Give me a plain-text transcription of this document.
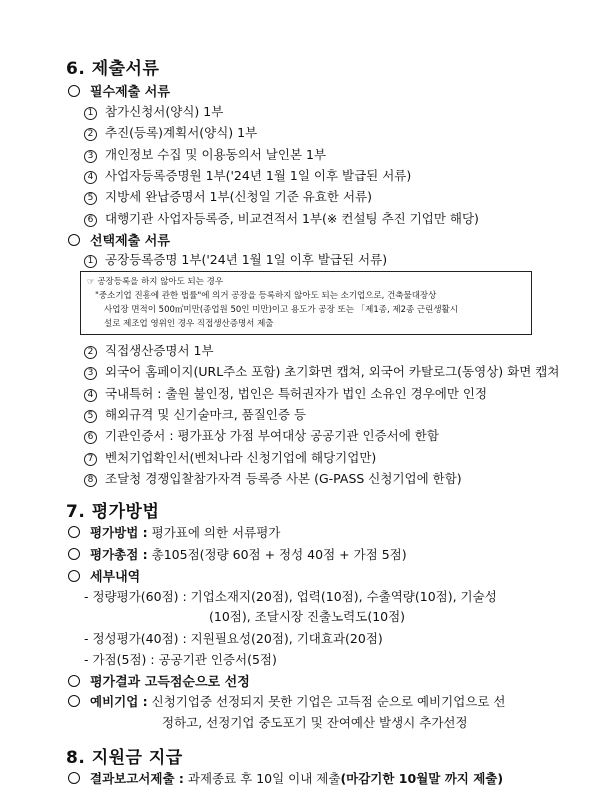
6. 제출서류
필수제출 서류
1 참가신청서(양식) 1부
2 추진(등록)계획서(양식) 1부
3 개인정보 수집 및 이용동의서 날인본 1부
4 사업자등록증명원 1부('24년 1월 1일 이후 발급된 서류)
5 지방세 완납증명서 1부(신청일 기준 유효한 서류)
6 대행기관 사업자등록증, 비교견적서 1부(※ 컨설팅 추진 기업만 해당)
선택제출 서류
1 공장등록증명 1부('24년 1월 1일 이후 발급된 서류)
☞ 공장등록을 하지 않아도 되는 경우
"중소기업 진흥에 관한 법률"에 의거 공장을 등록하지 않아도 되는 소기업으로, 건축물대장상
사업장 면적이 500㎡미만(종업원 50인 미만)이고 용도가 공장 또는 「제1종, 제2종 근린생활시
설로 제조업 영위인 경우 직접생산증명서 제출
2 직접생산증명서 1부
3 외국어 홈페이지(URL주소 포함) 초기화면 캡쳐, 외국어 카탈로그(동영상) 화면 캡쳐
4 국내특허 : 출원 불인정, 법인은 특허권자가 법인 소유인 경우에만 인정
5 해외규격 및 신기술마크, 품질인증 등
6 기관인증서 : 평가표상 가점 부여대상 공공기관 인증서에 한함
7 벤처기업확인서(벤처나라 신청기업에 해당기업만)
8 조달청 경쟁입찰참가자격 등록증 사본 (G-PASS 신청기업에 한함)
7. 평가방법
평가방법 : 평가표에 의한 서류평가
평가총점 : 총105점(정량 60점 + 정성 40점 + 가점 5점)
세부내역
- 정량평가(60점) : 기업소재지(20점), 업력(10점), 수출역량(10점), 기술성
(10점), 조달시장 진출노력도(10점)
- 정성평가(40점) : 지원필요성(20점), 기대효과(20점)
- 가점(5점) : 공공기관 인증서(5점)
평가결과 고득점순으로 선정
예비기업 : 신청기업중 선정되지 못한 기업은 고득점 순으로 예비기업으로 선
정하고, 선정기업 중도포기 및 잔여예산 발생시 추가선정
8. 지원금 지급
결과보고서제출 : 과제종료 후 10일 이내 제출(마감기한 10월말 까지 제출)
